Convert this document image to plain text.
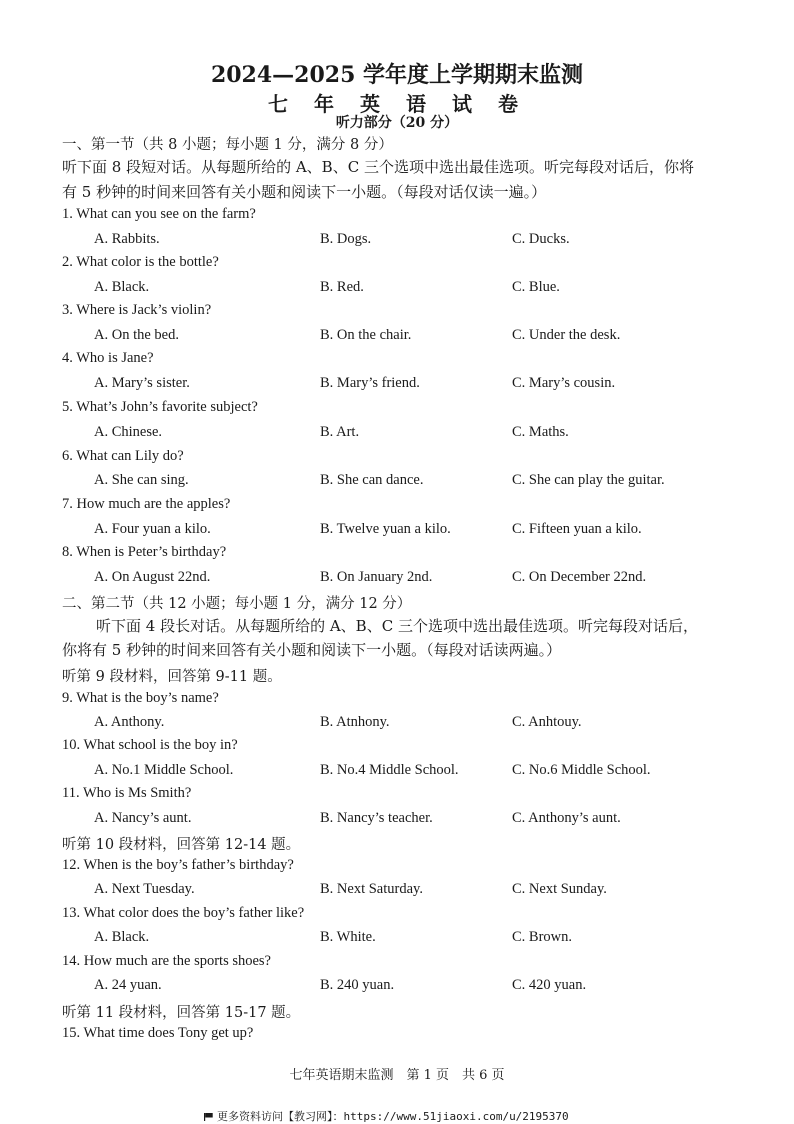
2024—2025 学年度上学期期末监测
七年英语试卷
听力部分（20 分）
一、第一节（共 8 小题；每小题 1 分，满分 8 分）
听下面 8 段短对话。从每题所给的 A、B、C 三个选项中选出最佳选项。听完每段对话后，你将
有 5 秒钟的时间来回答有关小题和阅读下一小题。（每段对话仅读一遍。）
1. What can you see on the farm?
A. Rabbits.	B. Dogs.	C. Ducks.
2. What color is the bottle?
A. Black.	B. Red.	C. Blue.
3. Where is Jack’s violin?
A. On the bed.	B. On the chair.	C. Under the desk.
4. Who is Jane?
A. Mary’s sister.	B. Mary’s friend.	C. Mary’s cousin.
5. What’s John’s favorite subject?
A. Chinese.	B. Art.	C. Maths.
6. What can Lily do?
A. She can sing.	B. She can dance.	C. She can play the guitar.
7. How much are the apples?
A. Four yuan a kilo.	B. Twelve yuan a kilo.	C. Fifteen yuan a kilo.
8. When is Peter’s birthday?
A. On August 22nd.	B. On January 2nd.	C. On December 22nd.
二、第二节（共 12 小题；每小题 1 分，满分 12 分）
听下面 4 段长对话。从每题所给的 A、B、C 三个选项中选出最佳选项。听完每段对话后，
你将有 5 秒钟的时间来回答有关小题和阅读下一小题。（每段对话读两遍。）
听第 9 段材料，回答第 9-11 题。
9. What is the boy’s name?
A. Anthony.	B. Atnhony.	C. Anhtouy.
10. What school is the boy in?
A. No.1 Middle School.	B. No.4 Middle School.	C. No.6 Middle School.
11. Who is Ms Smith?
A. Nancy’s aunt.	B. Nancy’s teacher.	C. Anthony’s aunt.
听第 10 段材料，回答第 12-14 题。
12. When is the boy’s father’s birthday?
A. Next Tuesday.	B. Next Saturday.	C. Next Sunday.
13. What color does the boy’s father like?
A. Black.	B. White.	C. Brown.
14. How much are the sports shoes?
A. 24 yuan.	B. 240 yuan.	C. 420 yuan.
听第 11 段材料，回答第 15-17 题。
15. What time does Tony get up?
七年英语期末监测　第 1 页　共 6 页
更多资料访问【教习网】：https://www.51jiaoxi.com/u/2195370
